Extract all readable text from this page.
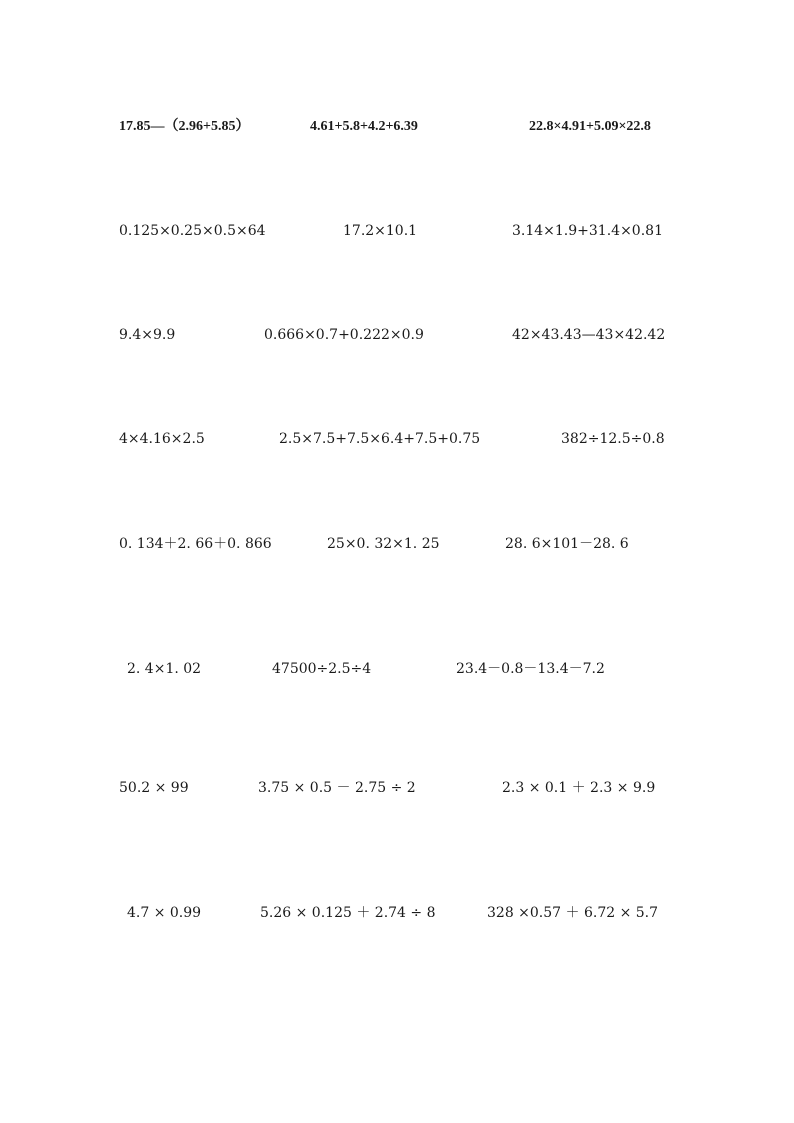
17.85—（2.96+5.85）	4.61+5.8+4.2+6.39	22.8×4.91+5.09×22.8
0.125×0.25×0.5×64	17.2×10.1	3.14×1.9+31.4×0.81
9.4×9.9	0.666×0.7+0.222×0.9	42×43.43—43×42.42
4×4.16×2.5	2.5×7.5+7.5×6.4+7.5+0.75	382÷12.5÷0.8
0. 134＋2. 66＋0. 866	25×0. 32×1. 25	28. 6×101－28. 6
2. 4×1. 02	47500÷2.5÷4	23.4－0.8－13.4－7.2
50.2 × 99	3.75 × 0.5 － 2.75 ÷ 2	2.3 × 0.1 ＋ 2.3 × 9.9
4.7 × 0.99	5.26 × 0.125 ＋ 2.74 ÷ 8	328 ×0.57 ＋ 6.72 × 5.7
